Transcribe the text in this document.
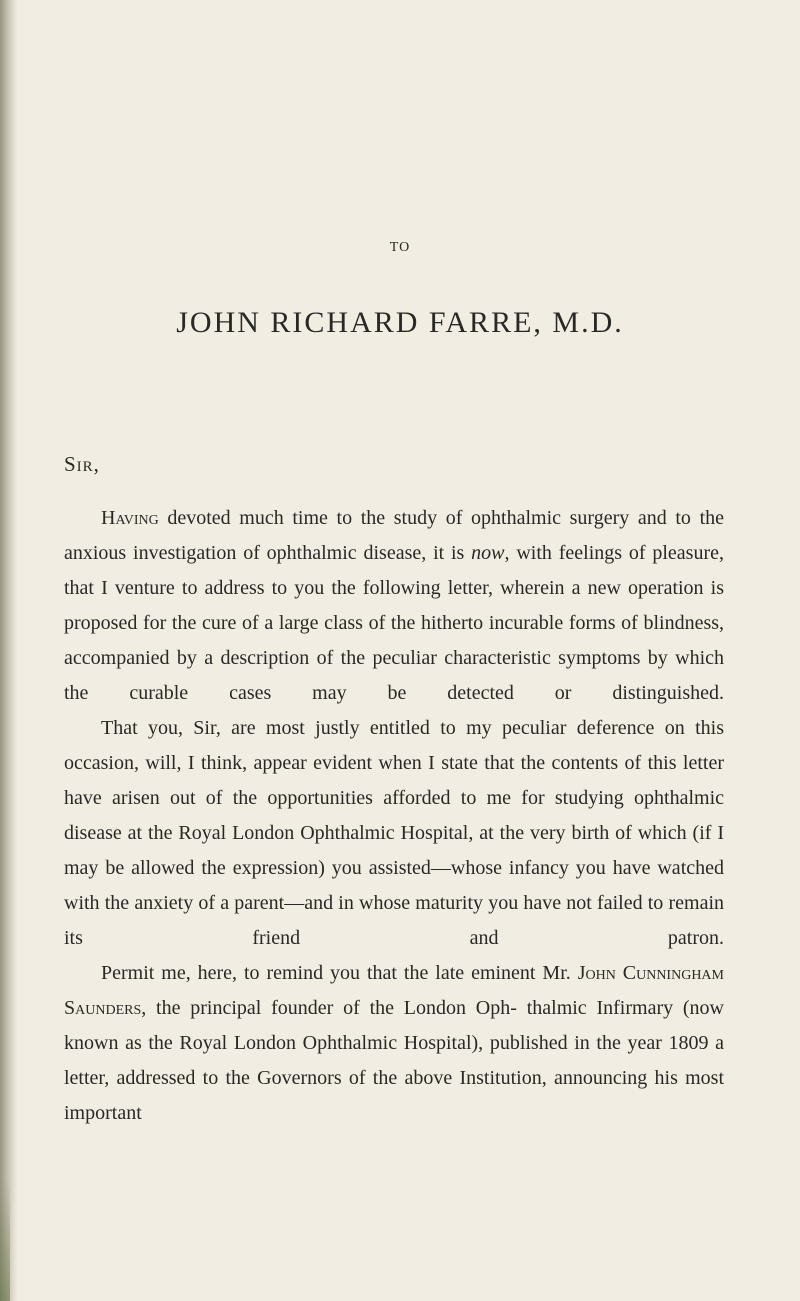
TO
JOHN RICHARD FARRE, M.D.
Sir,

Having devoted much time to the study of ophthalmic surgery and to the anxious investigation of ophthalmic disease, it is now, with feelings of pleasure, that I venture to address to you the following letter, wherein a new operation is proposed for the cure of a large class of the hitherto incurable forms of blindness, accompanied by a description of the peculiar characteristic symptoms by which the curable cases may be detected or distinguished.

That you, Sir, are most justly entitled to my peculiar deference on this occasion, will, I think, appear evident when I state that the contents of this letter have arisen out of the opportunities afforded to me for studying ophthalmic disease at the Royal London Ophthalmic Hospital, at the very birth of which (if I may be allowed the expression) you assisted—whose infancy you have watched with the anxiety of a parent—and in whose maturity you have not failed to remain its friend and patron.

Permit me, here, to remind you that the late eminent Mr. John Cunningham Saunders, the principal founder of the London Oph- thalmic Infirmary (now known as the Royal London Ophthalmic Hospital), published in the year 1809 a letter, addressed to the Governors of the above Institution, announcing his most important
